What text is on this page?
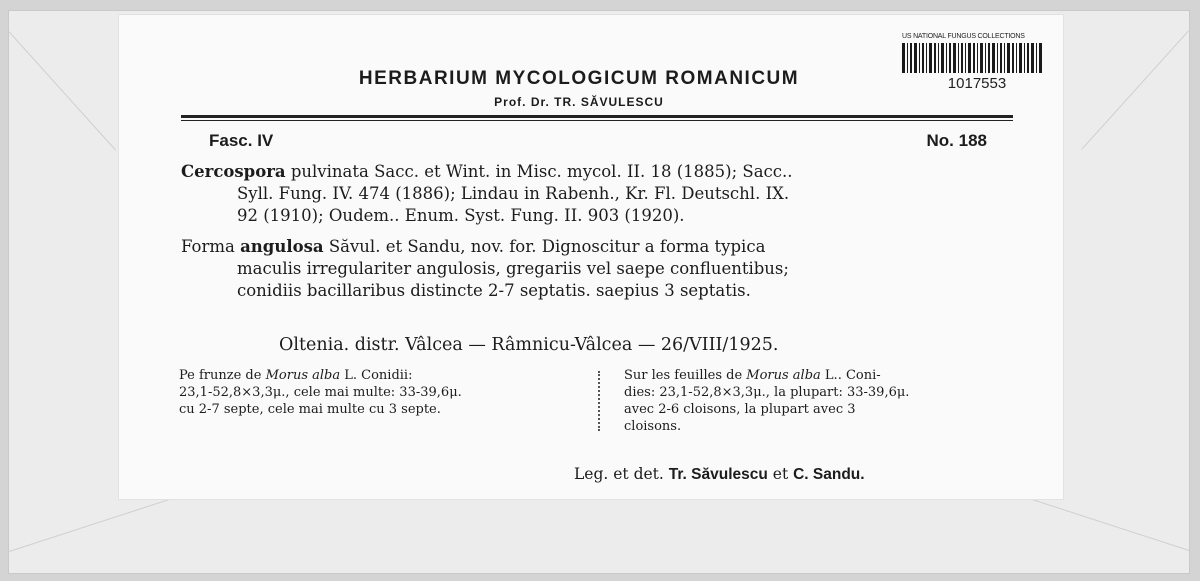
US NATIONAL FUNGUS COLLECTIONS
1017553
HERBARIUM MYCOLOGICUM ROMANICUM
Prof. Dr. TR. SĂVULESCU
Fasc. IV	No. 188
Cercospora pulvinata Sacc. et Wint. in Misc. mycol. II. 18 (1885); Sacc..
Syll. Fung. IV. 474 (1886); Lindau in Rabenh., Kr. Fl. Deutschl. IX.
92 (1910); Oudem.. Enum. Syst. Fung. II. 903 (1920).
Forma angulosa Săvul. et Sandu, nov. for. Dignoscitur a forma typica
maculis irregulariter angulosis, gregariis vel saepe confluentibus;
conidiis bacillaribus distincte 2-7 septatis. saepius 3 septatis.
Oltenia. distr. Vâlcea — Râmnicu-Vâlcea — 26/VIII/1925.
Pe frunze de Morus alba L. Conidii:
23,1-52,8×3,3μ., cele mai multe: 33-39,6μ.
cu 2-7 septe, cele mai multe cu 3 septe.
Sur les feuilles de Morus alba L.. Coni-
dies: 23,1-52,8×3,3μ., la plupart: 33-39,6μ.
avec 2-6 cloisons, la plupart avec 3
cloisons.
Leg. et det. Tr. Săvulescu et C. Sandu.
